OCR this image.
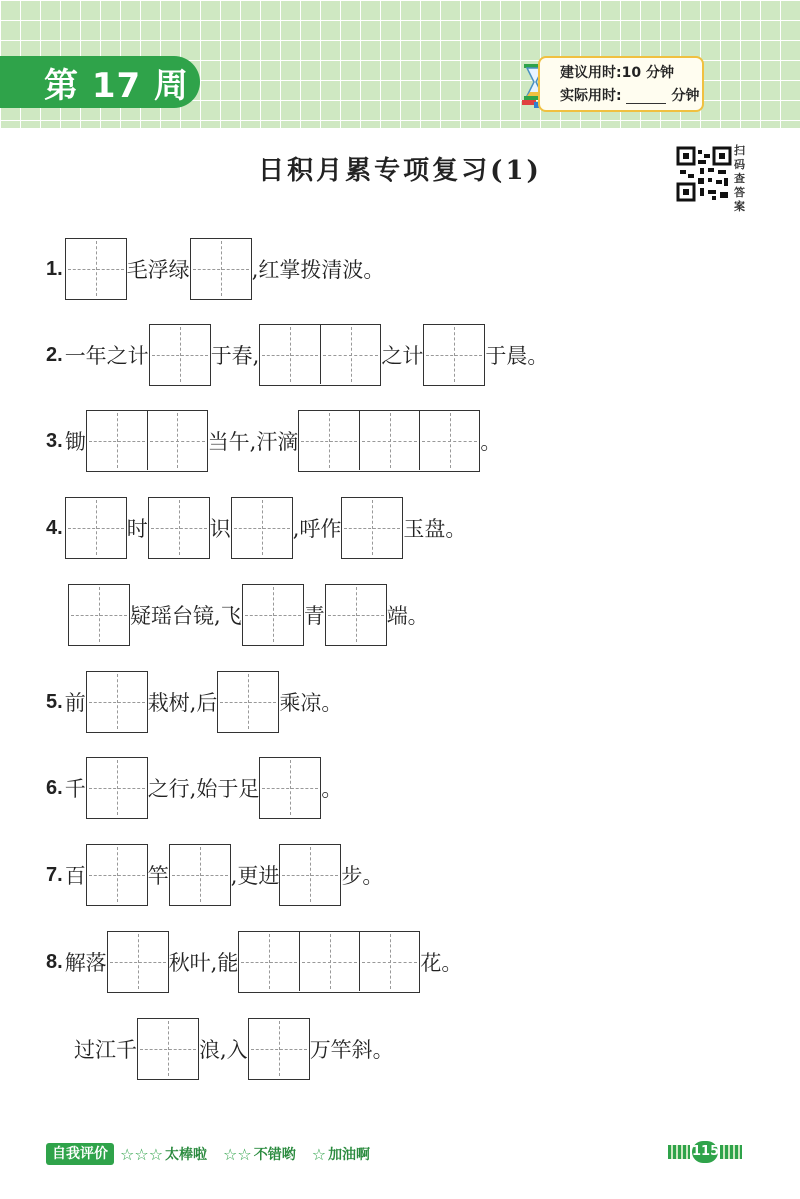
第 17 周	建议用时:10 分钟
实际用时:	分钟
日积月累专项复习(1)
扫码查答案
1.	毛浮绿	,红掌拨清波。
2. 一年之计	于春,	之计	于晨。
3. 锄	当午,汗滴	。
4.	时	识	,呼作	玉盘。
疑瑶台镜,飞	青	端。
5. 前	栽树,后	乘凉。
6. 千	之行,始于足	。
7. 百	竿	,更进	步。
8. 解落	秋叶,能	花。
过江千	浪,入	万竿斜。
自我评价 ☆☆☆ 太棒啦 ☆☆ 不错哟 ☆ 加油啊	115
